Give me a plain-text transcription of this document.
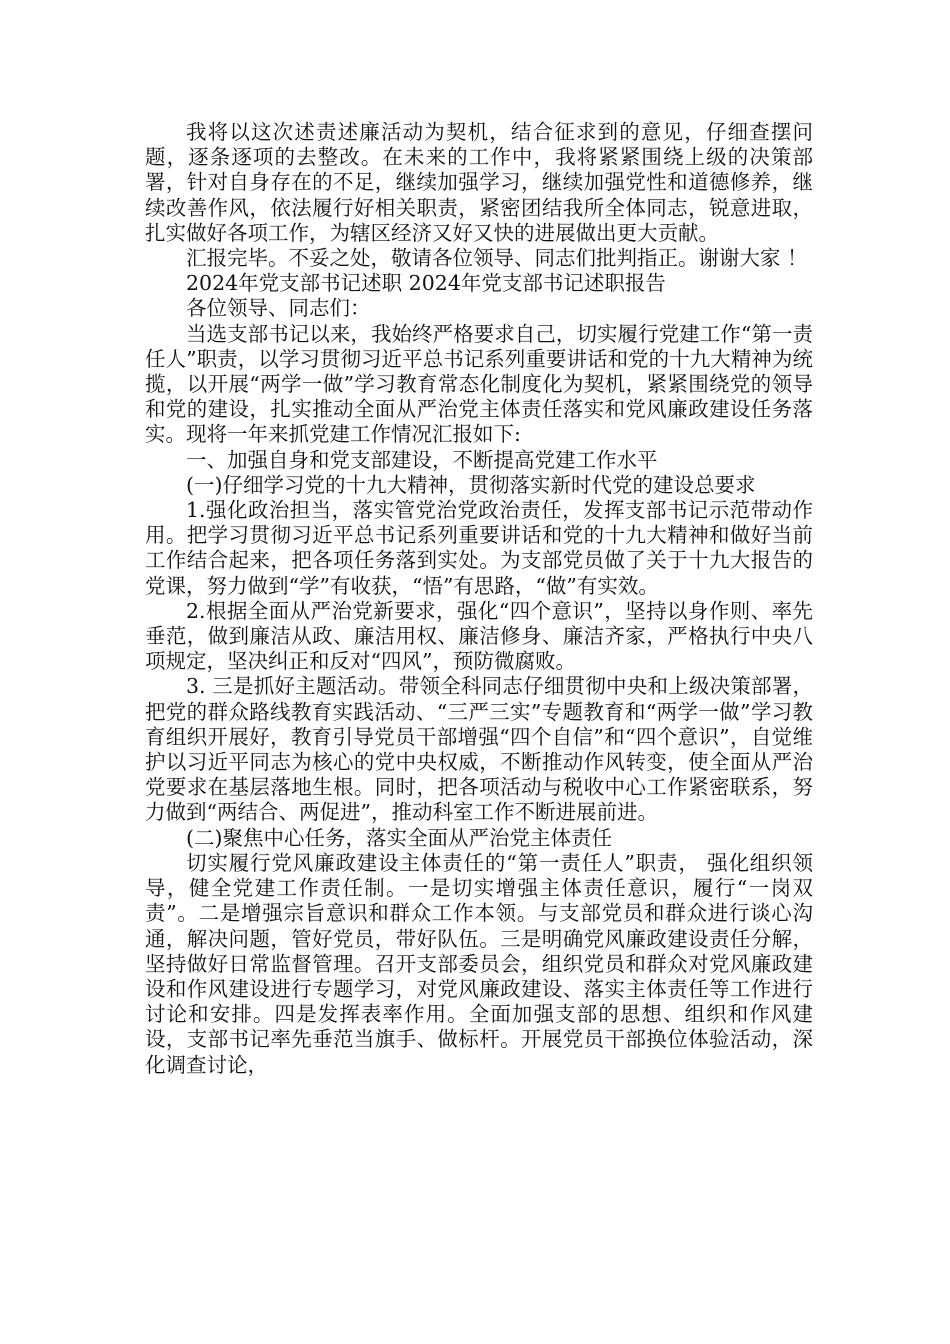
我将以这次述责述廉活动为契机，结合征求到的意见，仔细查摆问题，逐条逐项的去整改。在未来的工作中，我将紧紧围绕上级的决策部署，针对自身存在的不足，继续加强学习，继续加强党性和道德修养，继续改善作风，依法履行好相关职责，紧密团结我所全体同志，锐意进取，扎实做好各项工作，为辖区经济又好又快的进展做出更大贡献。

汇报完毕。不妥之处，敬请各位领导、同志们批判指正。谢谢大家 ！

2024年党支部书记述职 2024年党支部书记述职报告

各位领导、同志们：

当选支部书记以来，我始终严格要求自己，切实履行党建工作“第一责任人”职责，以学习贯彻习近平总书记系列重要讲话和党的十九大精神为统揽，以开展“两学一做”学习教育常态化制度化为契机，紧紧围绕党的领导和党的建设，扎实推动全面从严治党主体责任落实和党风廉政建设任务落实。现将一年来抓党建工作情况汇报如下:

一、加强自身和党支部建设，不断提高党建工作水平

(一)仔细学习党的十九大精神，贯彻落实新时代党的建设总要求

1.强化政治担当，落实管党治党政治责任，发挥支部书记示范带动作用。把学习贯彻习近平总书记系列重要讲话和党的十九大精神和做好当前工作结合起来，把各项任务落到实处。为支部党员做了关于十九大报告的党课，努力做到“学”有收获，“悟”有思路，“做”有实效。

2.根据全面从严治党新要求，强化“四个意识”，坚持以身作则、率先垂范，做到廉洁从政、廉洁用权、廉洁修身、廉洁齐家，严格执行中央八项规定，坚决纠正和反对“四风”，预防微腐败。

3. 三是抓好主题活动。带领全科同志仔细贯彻中央和上级决策部署，把党的群众路线教育实践活动、“三严三实”专题教育和“两学一做”学习教育组织开展好，教育引导党员干部增强“四个自信”和“四个意识”，自觉维护以习近平同志为核心的党中央权威，不断推动作风转变，使全面从严治党要求在基层落地生根。同时，把各项活动与税收中心工作紧密联系，努力做到“两结合、两促进”，推动科室工作不断进展前进。

(二)聚焦中心任务，落实全面从严治党主体责任

切实履行党风廉政建设主体责任的“第一责任人”职责， 强化组织领导，健全党建工作责任制。一是切实增强主体责任意识，履行“一岗双责”。二是增强宗旨意识和群众工作本领。与支部党员和群众进行谈心沟通，解决问题，管好党员，带好队伍。三是明确党风廉政建设责任分解，坚持做好日常监督管理。召开支部委员会，组织党员和群众对党风廉政建设和作风建设进行专题学习，对党风廉政建设、落实主体责任等工作进行讨论和安排。四是发挥表率作用。全面加强支部的思想、组织和作风建设，支部书记率先垂范当旗手、做标杆。开展党员干部换位体验活动，深化调查讨论，
